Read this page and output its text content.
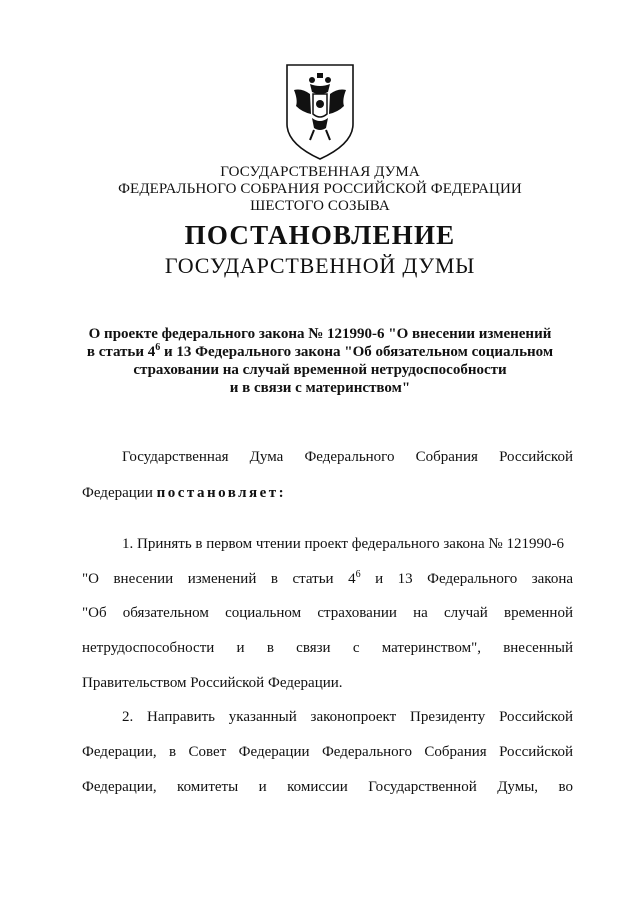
ГОСУДАРСТВЕННАЯ ДУМА
ФЕДЕРАЛЬНОГО СОБРАНИЯ РОССИЙСКОЙ ФЕДЕРАЦИИ
ШЕСТОГО СОЗЫВА
ПОСТАНОВЛЕНИЕ
ГОСУДАРСТВЕННОЙ ДУМЫ
О проекте федерального закона № 121990-6 "О внесении изменений
в статьи $4^6$ и 13 Федерального закона "Об обязательном социальном
страховании на случай временной нетрудоспособности
и в связи с материнством"
Государственная Дума Федерального Собрания Российской
Федерации постановляет:
1. Принять в первом чтении проект федерального закона № 121990-6
"О внесении изменений в статьи $4^6$ и 13 Федерального закона
"Об обязательном социальном страховании на случай временной
нетрудоспособности и в связи с материнством", внесенный
Правительством Российской Федерации.
2. Направить указанный законопроект Президенту Российской
Федерации, в Совет Федерации Федерального Собрания Российской
Федерации, комитеты и комиссии Государственной Думы, во
